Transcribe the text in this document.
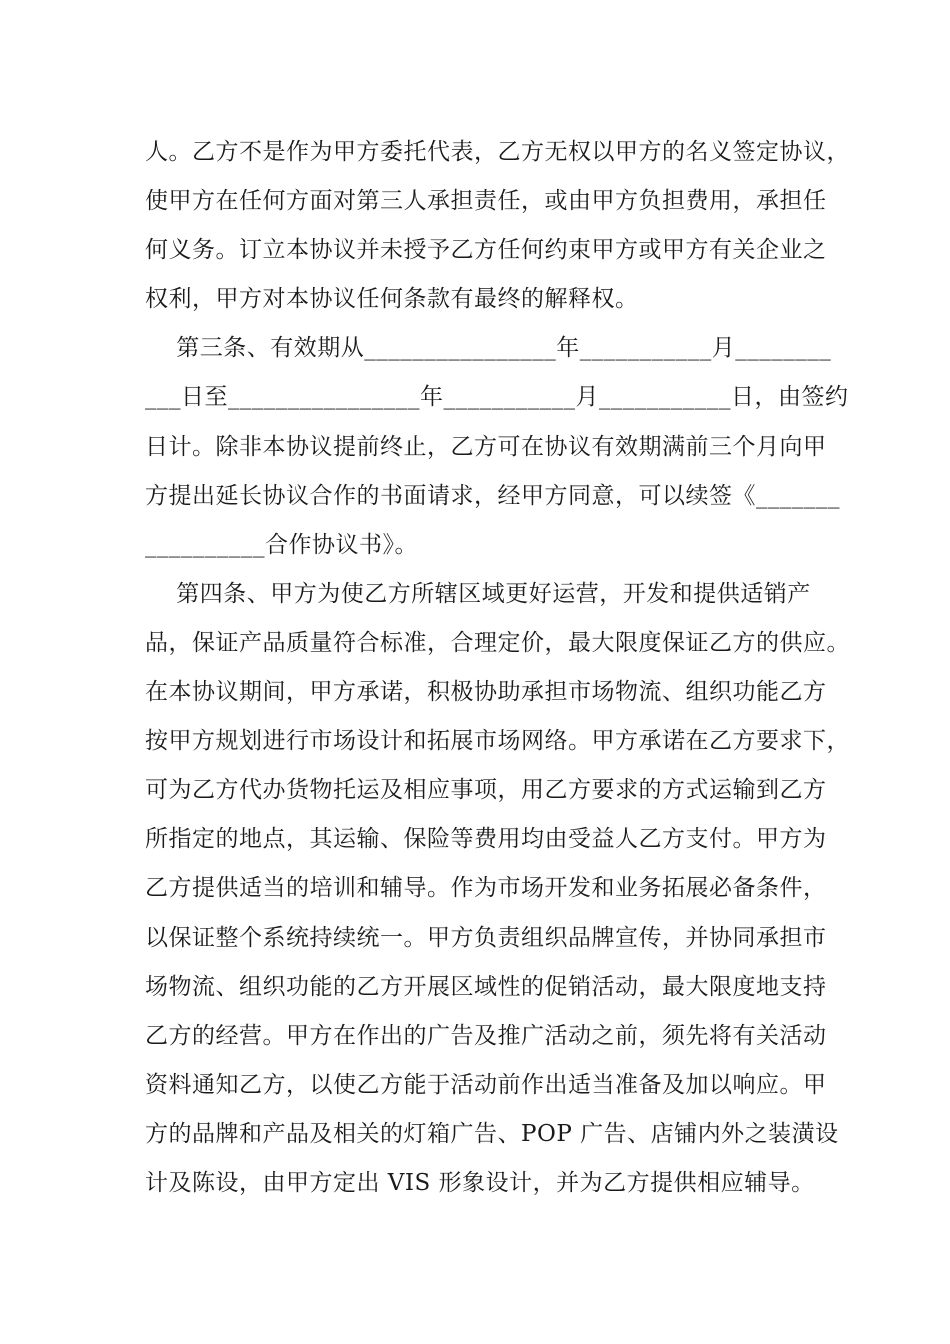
人。乙方不是作为甲方委托代表，乙方无权以甲方的名义签定协议，
使甲方在任何方面对第三人承担责任，或由甲方负担费用，承担任
何义务。订立本协议并未授予乙方任何约束甲方或甲方有关企业之
权利，甲方对本协议任何条款有最终的解释权。
第三条、有效期从________________年___________月________
___日至________________年___________月___________日，由签约
日计。除非本协议提前终止，乙方可在协议有效期满前三个月向甲
方提出延长协议合作的书面请求，经甲方同意，可以续签《_______
__________合作协议书》。
第四条、甲方为使乙方所辖区域更好运营，开发和提供适销产
品，保证产品质量符合标准，合理定价，最大限度保证乙方的供应。
在本协议期间，甲方承诺，积极协助承担市场物流、组织功能乙方
按甲方规划进行市场设计和拓展市场网络。甲方承诺在乙方要求下，
可为乙方代办货物托运及相应事项，用乙方要求的方式运输到乙方
所指定的地点，其运输、保险等费用均由受益人乙方支付。甲方为
乙方提供适当的培训和辅导。作为市场开发和业务拓展必备条件，
以保证整个系统持续统一。甲方负责组织品牌宣传，并协同承担市
场物流、组织功能的乙方开展区域性的促销活动，最大限度地支持
乙方的经营。甲方在作出的广告及推广活动之前，须先将有关活动
资料通知乙方，以使乙方能于活动前作出适当准备及加以响应。甲
方的品牌和产品及相关的灯箱广告、POP 广告、店铺内外之装潢设
计及陈设，由甲方定出 VIS 形象设计，并为乙方提供相应辅导。
